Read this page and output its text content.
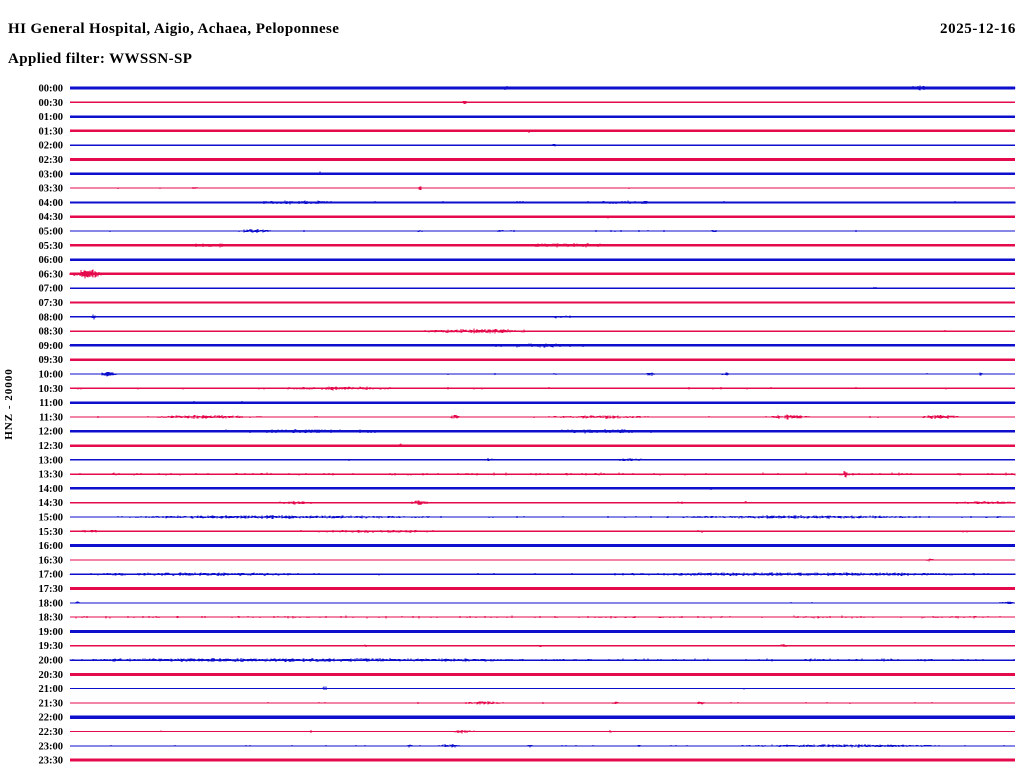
HI General Hospital, Aigio, Achaea, Peloponnese	2025-12-16
Applied filter: WWSSN-SP
HNZ - 20000
00:00
00:30
01:00
01:30
02:00
02:30
03:00
03:30
04:00
04:30
05:00
05:30
06:00
06:30
07:00
07:30
08:00
08:30
09:00
09:30
10:00
10:30
11:00
11:30
12:00
12:30
13:00
13:30
14:00
14:30
15:00
15:30
16:00
16:30
17:00
17:30
18:00
18:30
19:00
19:30
20:00
20:30
21:00
21:30
22:00
22:30
23:00
23:30
